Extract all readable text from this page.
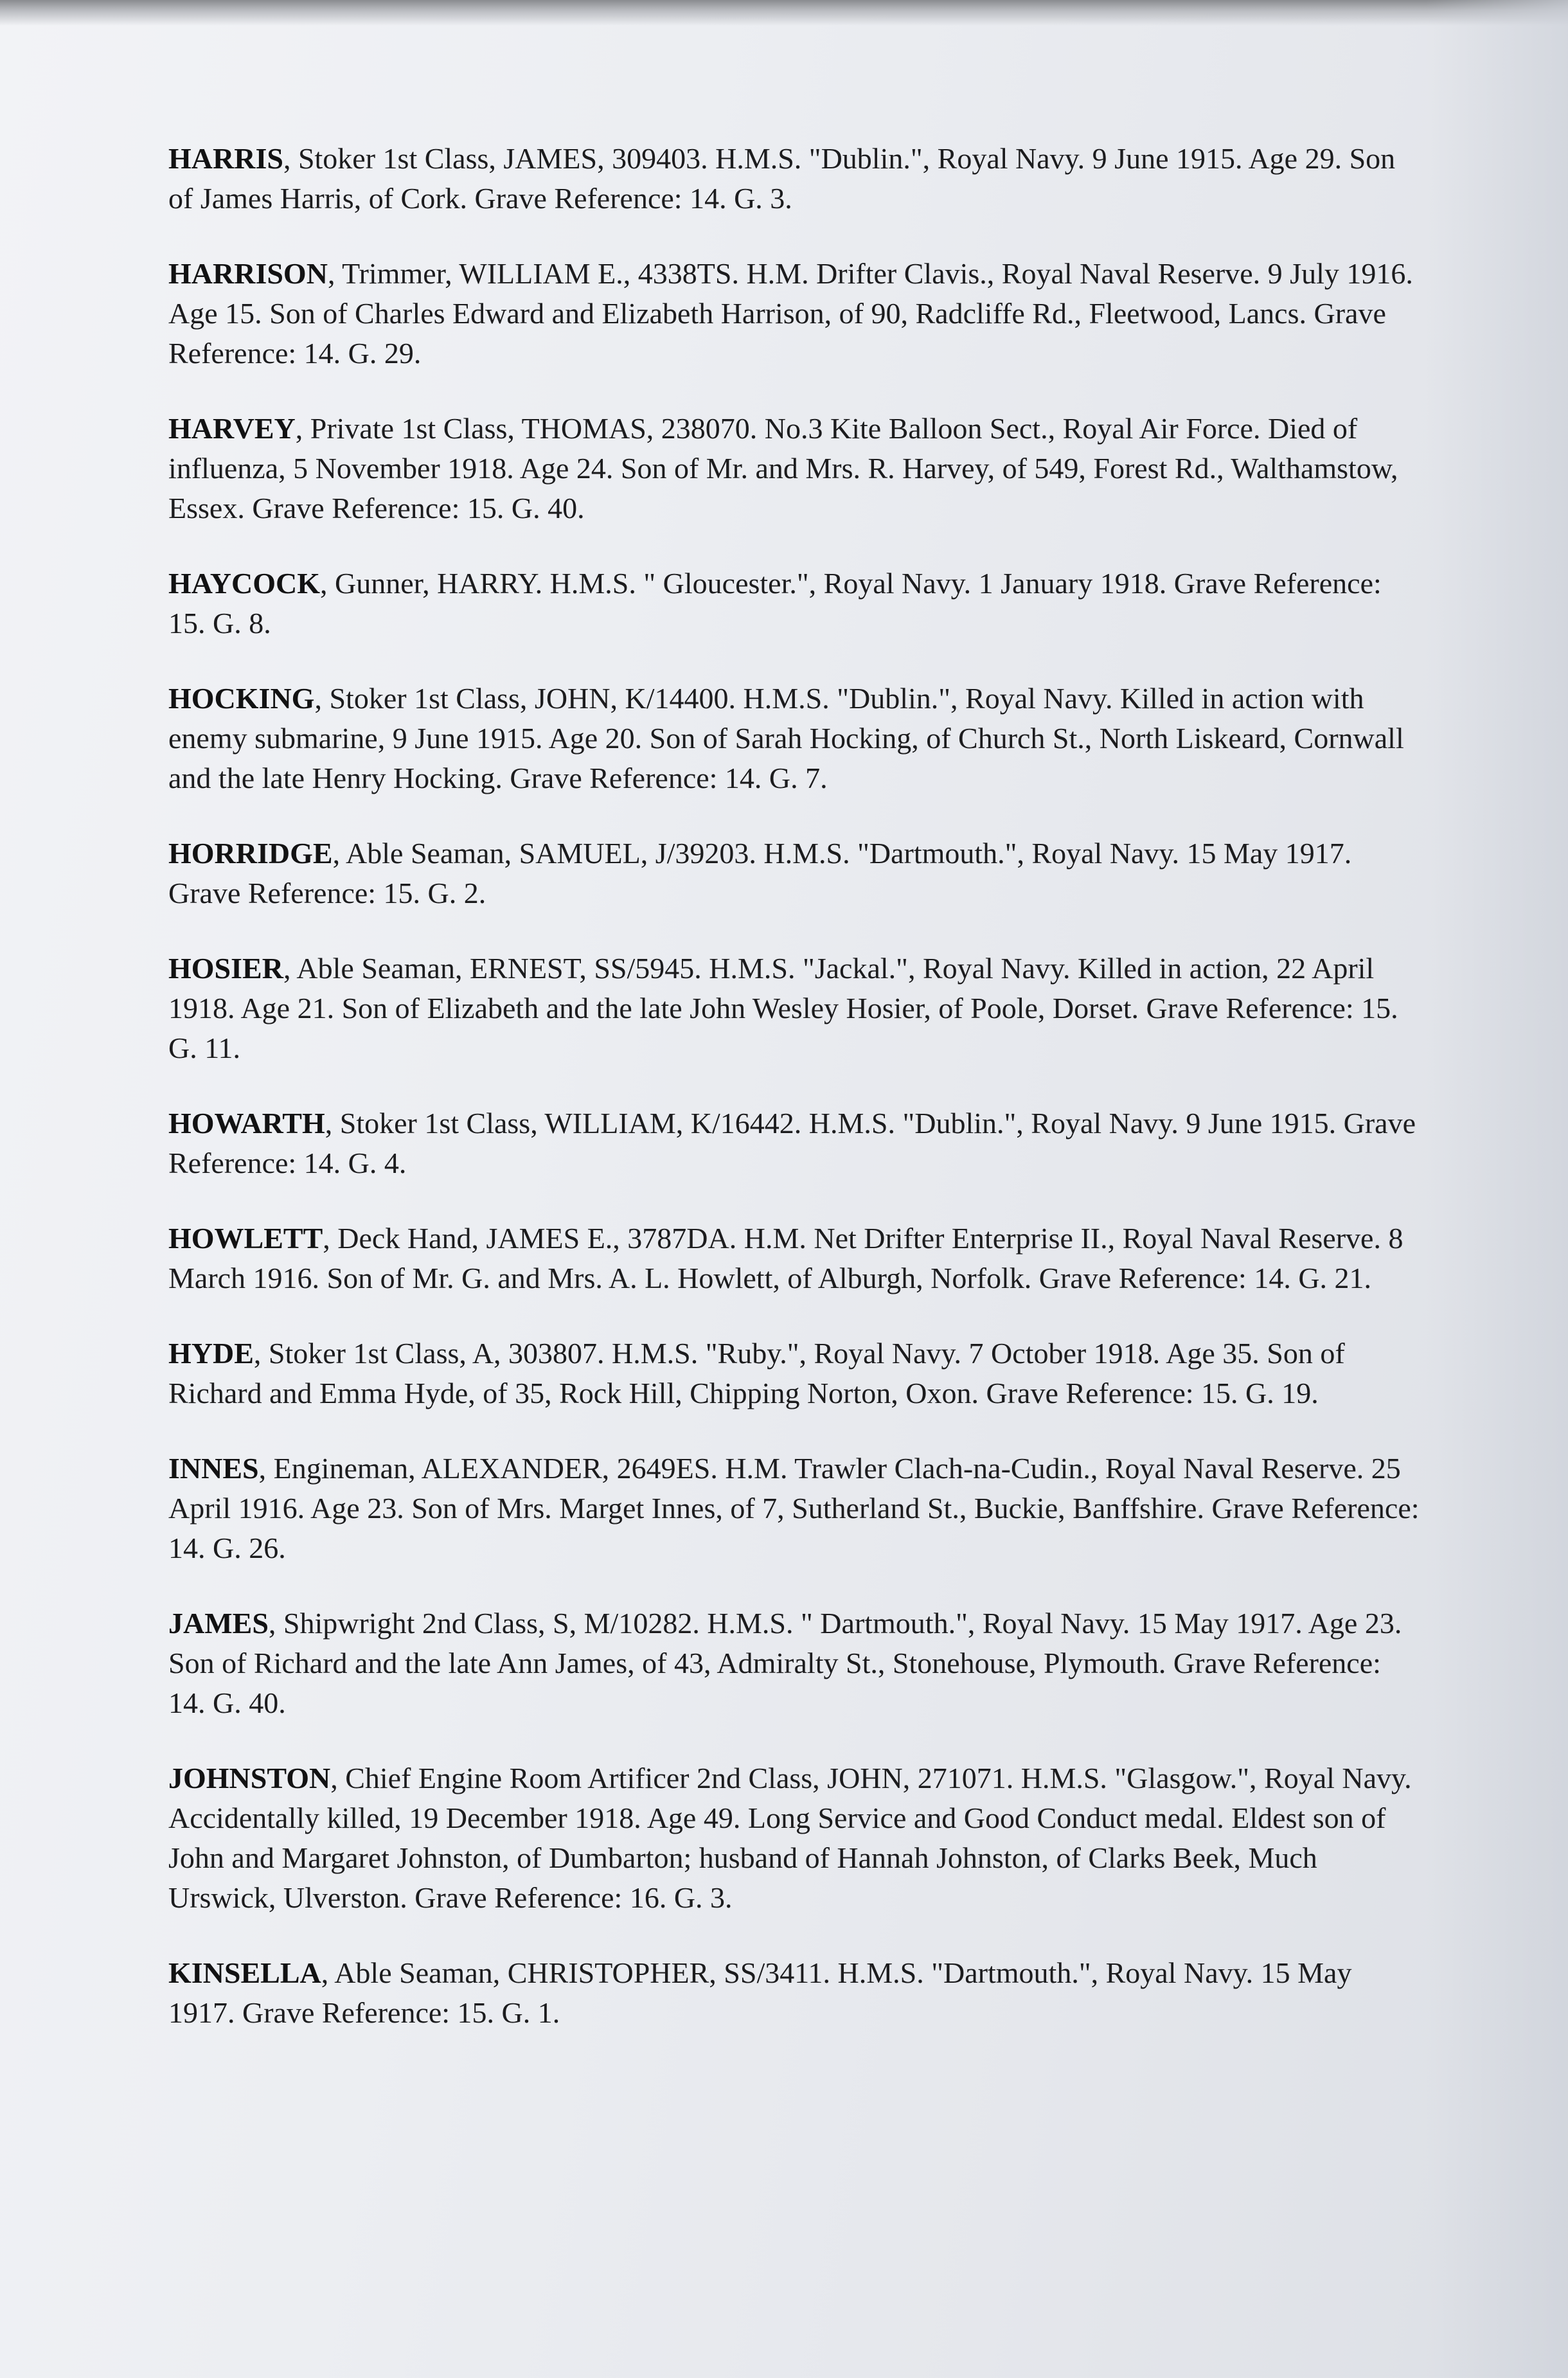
HARRIS, Stoker 1st Class, JAMES, 309403. H.M.S. "Dublin.", Royal Navy. 9 June 1915. Age 29. Son of James Harris, of Cork. Grave Reference: 14. G. 3.

HARRISON, Trimmer, WILLIAM E., 4338TS. H.M. Drifter Clavis., Royal Naval Reserve. 9 July 1916. Age 15. Son of Charles Edward and Elizabeth Harrison, of 90, Radcliffe Rd., Fleetwood, Lancs. Grave Reference: 14. G. 29.

HARVEY, Private 1st Class, THOMAS, 238070. No.3 Kite Balloon Sect., Royal Air Force. Died of influenza, 5 November 1918. Age 24. Son of Mr. and Mrs. R. Harvey, of 549, Forest Rd., Walthamstow, Essex. Grave Reference: 15. G. 40.

HAYCOCK, Gunner, HARRY. H.M.S. " Gloucester.", Royal Navy. 1 January 1918. Grave Reference: 15. G. 8.

HOCKING, Stoker 1st Class, JOHN, K/14400. H.M.S. "Dublin.", Royal Navy. Killed in action with enemy submarine, 9 June 1915. Age 20. Son of Sarah Hocking, of Church St., North Liskeard, Cornwall and the late Henry Hocking. Grave Reference: 14. G. 7.

HORRIDGE, Able Seaman, SAMUEL, J/39203. H.M.S. "Dartmouth.", Royal Navy. 15 May 1917. Grave Reference: 15. G. 2.

HOSIER, Able Seaman, ERNEST, SS/5945. H.M.S. "Jackal.", Royal Navy. Killed in action, 22 April 1918. Age 21. Son of Elizabeth and the late John Wesley Hosier, of Poole, Dorset. Grave Reference: 15. G. 11.

HOWARTH, Stoker 1st Class, WILLIAM, K/16442. H.M.S. "Dublin.", Royal Navy. 9 June 1915. Grave Reference: 14. G. 4.

HOWLETT, Deck Hand, JAMES E., 3787DA. H.M. Net Drifter Enterprise II., Royal Naval Reserve. 8 March 1916. Son of Mr. G. and Mrs. A. L. Howlett, of Alburgh, Norfolk. Grave Reference: 14. G. 21.

HYDE, Stoker 1st Class, A, 303807. H.M.S. "Ruby.", Royal Navy. 7 October 1918. Age 35. Son of Richard and Emma Hyde, of 35, Rock Hill, Chipping Norton, Oxon. Grave Reference: 15. G. 19.

INNES, Engineman, ALEXANDER, 2649ES. H.M. Trawler Clach-na-Cudin., Royal Naval Reserve. 25 April 1916. Age 23. Son of Mrs. Marget Innes, of 7, Sutherland St., Buckie, Banffshire. Grave Reference: 14. G. 26.

JAMES, Shipwright 2nd Class, S, M/10282. H.M.S. " Dartmouth.", Royal Navy. 15 May 1917. Age 23. Son of Richard and the late Ann James, of 43, Admiralty St., Stonehouse, Plymouth. Grave Reference: 14. G. 40.

JOHNSTON, Chief Engine Room Artificer 2nd Class, JOHN, 271071. H.M.S. "Glasgow.", Royal Navy. Accidentally killed, 19 December 1918. Age 49. Long Service and Good Conduct medal. Eldest son of John and Margaret Johnston, of Dumbarton; husband of Hannah Johnston, of Clarks Beek, Much Urswick, Ulverston. Grave Reference: 16. G. 3.

KINSELLA, Able Seaman, CHRISTOPHER, SS/3411. H.M.S. "Dartmouth.", Royal Navy. 15 May 1917. Grave Reference: 15. G. 1.
